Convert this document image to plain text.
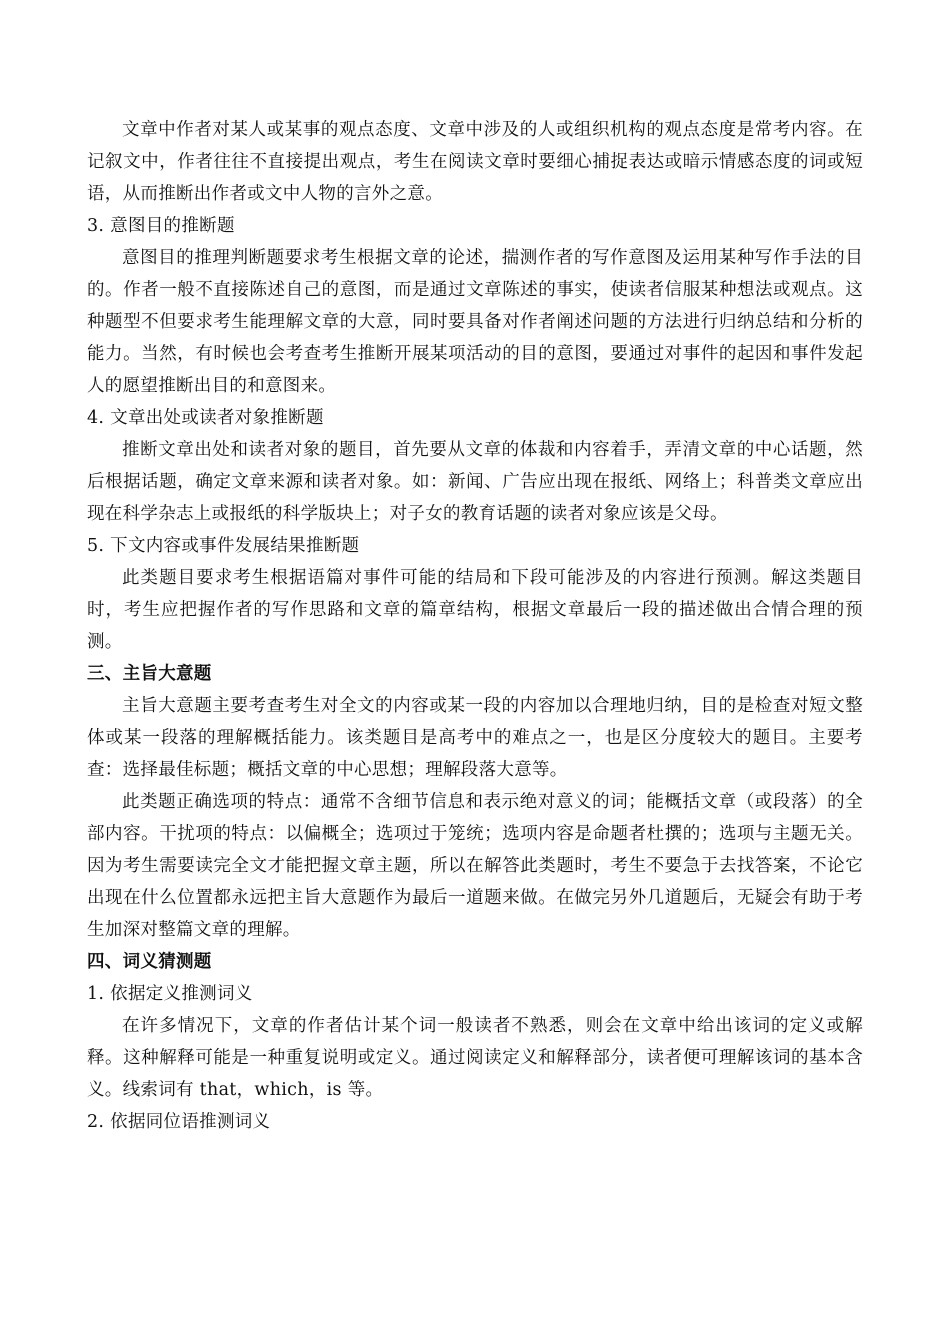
文章中作者对某人或某事的观点态度、文章中涉及的人或组织机构的观点态度是常考内容。在记叙文中，作者往往不直接提出观点，考生在阅读文章时要细心捕捉表达或暗示情感态度的词或短语，从而推断出作者或文中人物的言外之意。

3. 意图目的推断题

意图目的推理判断题要求考生根据文章的论述，揣测作者的写作意图及运用某种写作手法的目的。作者一般不直接陈述自己的意图，而是通过文章陈述的事实，使读者信服某种想法或观点。这种题型不但要求考生能理解文章的大意，同时要具备对作者阐述问题的方法进行归纳总结和分析的能力。当然，有时候也会考查考生推断开展某项活动的目的意图，要通过对事件的起因和事件发起人的愿望推断出目的和意图来。

4. 文章出处或读者对象推断题

推断文章出处和读者对象的题目，首先要从文章的体裁和内容着手，弄清文章的中心话题，然后根据话题，确定文章来源和读者对象。如：新闻、广告应出现在报纸、网络上；科普类文章应出现在科学杂志上或报纸的科学版块上；对子女的教育话题的读者对象应该是父母。

5. 下文内容或事件发展结果推断题

此类题目要求考生根据语篇对事件可能的结局和下段可能涉及的内容进行预测。解这类题目时，考生应把握作者的写作思路和文章的篇章结构，根据文章最后一段的描述做出合情合理的预测。

三、主旨大意题

主旨大意题主要考查考生对全文的内容或某一段的内容加以合理地归纳，目的是检查对短文整体或某一段落的理解概括能力。该类题目是高考中的难点之一，也是区分度较大的题目。主要考查：选择最佳标题；概括文章的中心思想；理解段落大意等。

此类题正确选项的特点：通常不含细节信息和表示绝对意义的词；能概括文章（或段落）的全部内容。干扰项的特点：以偏概全；选项过于笼统；选项内容是命题者杜撰的；选项与主题无关。因为考生需要读完全文才能把握文章主题，所以在解答此类题时，考生不要急于去找答案，不论它出现在什么位置都永远把主旨大意题作为最后一道题来做。在做完另外几道题后，无疑会有助于考生加深对整篇文章的理解。

四、词义猜测题

1. 依据定义推测词义

在许多情况下，文章的作者估计某个词一般读者不熟悉，则会在文章中给出该词的定义或解释。这种解释可能是一种重复说明或定义。通过阅读定义和解释部分，读者便可理解该词的基本含义。线索词有 that，which，is 等。

2. 依据同位语推测词义
